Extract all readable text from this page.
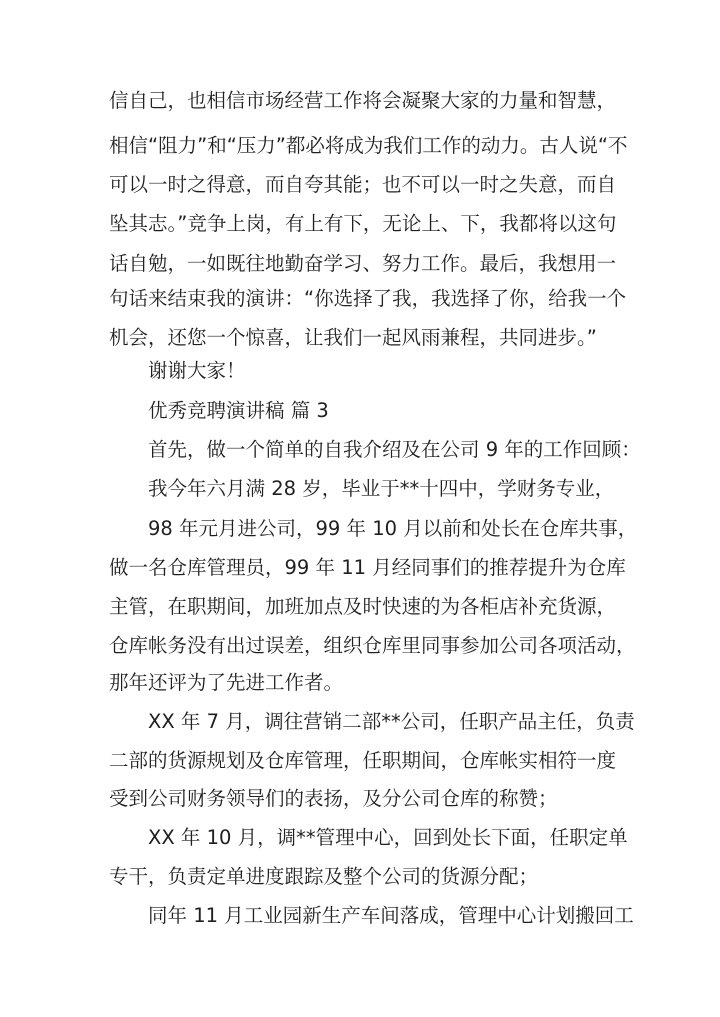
信自己，也相信市场经营工作将会凝聚大家的力量和智慧，
相信“阻力”和“压力”都必将成为我们工作的动力。古人说“不
可以一时之得意，而自夸其能；也不可以一时之失意，而自
坠其志。”竞争上岗，有上有下，无论上、下，我都将以这句
话自勉，一如既往地勤奋学习、努力工作。最后，我想用一
句话来结束我的演讲：“你选择了我，我选择了你，给我一个
机会，还您一个惊喜，让我们一起风雨兼程，共同进步。”
谢谢大家！
优秀竞聘演讲稿 篇 3
首先，做一个简单的自我介绍及在公司 9 年的工作回顾：
我今年六月满 28 岁，毕业于**十四中，学财务专业，
98 年元月进公司，99 年 10 月以前和处长在仓库共事，
做一名仓库管理员，99 年 11 月经同事们的推荐提升为仓库
主管，在职期间，加班加点及时快速的为各柜店补充货源，
仓库帐务没有出过误差，组织仓库里同事参加公司各项活动，
那年还评为了先进工作者。
XX 年 7 月，调往营销二部**公司，任职产品主任，负责
二部的货源规划及仓库管理，任职期间，仓库帐实相符一度
受到公司财务领导们的表扬，及分公司仓库的称赞；
XX 年 10 月，调**管理中心，回到处长下面，任职定单
专干，负责定单进度跟踪及整个公司的货源分配；
同年 11 月工业园新生产车间落成，管理中心计划搬回工
